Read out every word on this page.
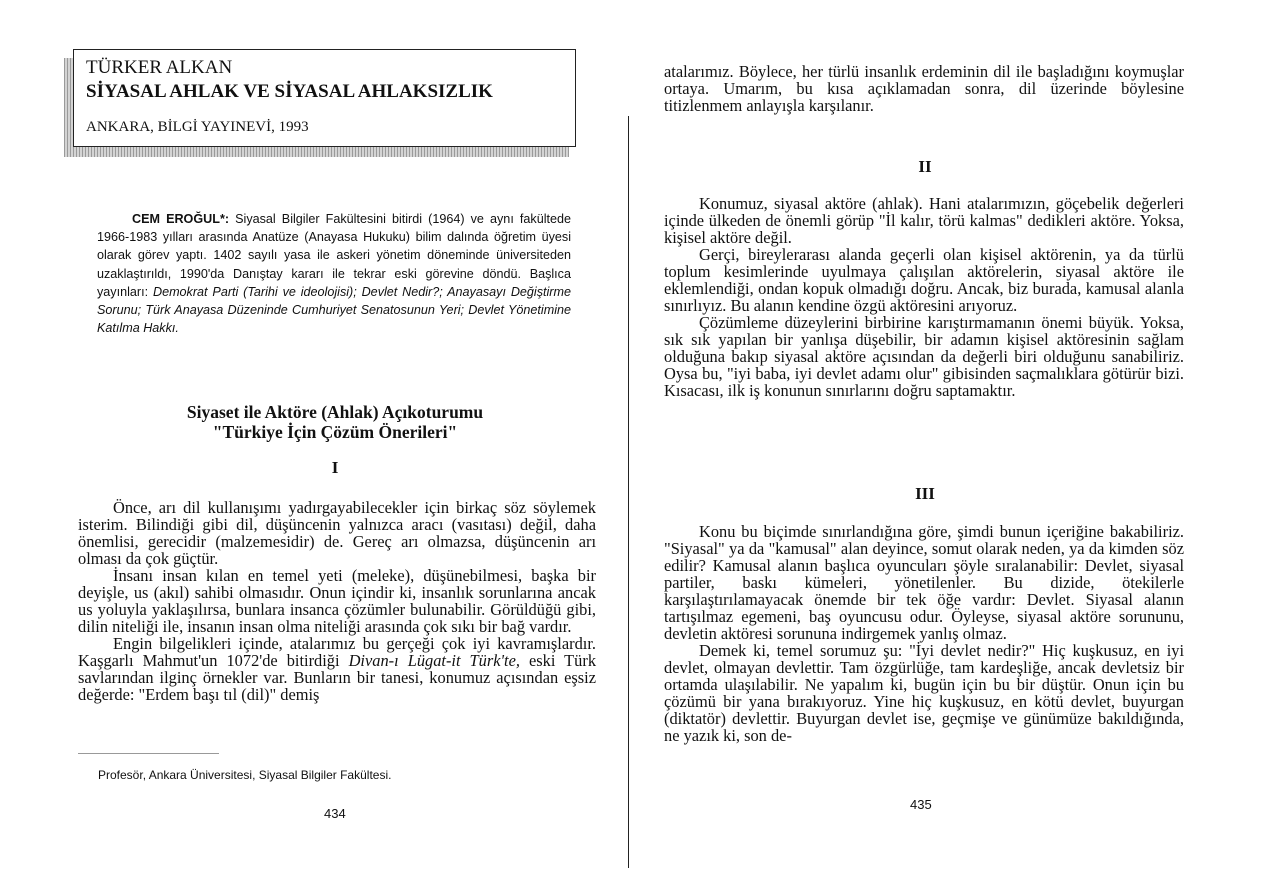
TÜRKER ALKAN
SİYASAL AHLAK VE SİYASAL AHLAKSIZLIK
ANKARA, BİLGİ YAYINEVİ, 1993

CEM EROĞUL*: Siyasal Bilgiler Fakültesini bitirdi (1964) ve aynı fakültede 1966-1983 yılları arasında Anatüze (Anayasa Hukuku) bilim dalında öğretim üyesi olarak görev yaptı. 1402 sayılı yasa ile askeri yönetim döneminde üniversiteden uzaklaştırıldı, 1990'da Danıştay kararı ile tekrar eski görevine döndü. Başlıca yayınları: Demokrat Parti (Tarihi ve ideolojisi); Devlet Nedir?; Anayasayı Değiştirme Sorunu; Türk Anayasa Düzeninde Cumhuriyet Senatosunun Yeri; Devlet Yönetimine Katılma Hakkı.

Siyaset ile Aktöre (Ahlak) Açıkoturumu
"Türkiye İçin Çözüm Önerileri"
I

Önce, arı dil kullanışımı yadırgayabilecekler için birkaç söz söylemek isterim. Bilindiği gibi dil, düşüncenin yalnızca aracı (vasıtası) değil, daha önemlisi, gerecidir (malzemesidir) de. Gereç arı olmazsa, düşüncenin arı olması da çok güçtür.

İnsanı insan kılan en temel yeti (meleke), düşünebilmesi, başka bir deyişle, us (akıl) sahibi olmasıdır. Onun içindir ki, insanlık sorunlarına ancak us yoluyla yaklaşılırsa, bunlara insanca çözümler bulunabilir. Görüldüğü gibi, dilin niteliği ile, insanın insan olma niteliği arasında çok sıkı bir bağ vardır.

Engin bilgelikleri içinde, atalarımız bu gerçeği çok iyi kavramışlardır. Kaşgarlı Mahmut'un 1072'de bitirdiği Divan-ı Lügat-it Türk'te, eski Türk savlarından ilginç örnekler var. Bunların bir tanesi, konumuz açısından eşsiz değerde: "Erdem başı tıl (dil)" demiş

Profesör, Ankara Üniversitesi, Siyasal Bilgiler Fakültesi.
434

atalarımız. Böylece, her türlü insanlık erdeminin dil ile başladığını koymuşlar ortaya. Umarım, bu kısa açıklamadan sonra, dil üzerinde böylesine titizlenmem anlayışla karşılanır.

II

Konumuz, siyasal aktöre (ahlak). Hani atalarımızın, göçebelik değerleri içinde ülkeden de önemli görüp "İl kalır, törü kalmas" dedikleri aktöre. Yoksa, kişisel aktöre değil.

Gerçi, bireylerarası alanda geçerli olan kişisel aktörenin, ya da türlü toplum kesimlerinde uyulmaya çalışılan aktörelerin, siyasal aktöre ile eklemlendiği, ondan kopuk olmadığı doğru. Ancak, biz burada, kamusal alanla sınırlıyız. Bu alanın kendine özgü aktöresini arıyoruz.

Çözümleme düzeylerini birbirine karıştırmamanın önemi büyük. Yoksa, sık sık yapılan bir yanlışa düşebilir, bir adamın kişisel aktöresinin sağlam olduğuna bakıp siyasal aktöre açısından da değerli biri olduğunu sanabiliriz. Oysa bu, "iyi baba, iyi devlet adamı olur" gibisinden saçmalıklara götürür bizi. Kısacası, ilk iş konunun sınırlarını doğru saptamaktır.

III

Konu bu biçimde sınırlandığına göre, şimdi bunun içeriğine bakabiliriz. "Siyasal" ya da "kamusal" alan deyince, somut olarak neden, ya da kimden söz edilir? Kamusal alanın başlıca oyuncuları şöyle sıralanabilir: Devlet, siyasal partiler, baskı kümeleri, yönetilenler. Bu dizide, ötekilerle karşılaştırılamayacak önemde bir tek öğe vardır: Devlet. Siyasal alanın tartışılmaz egemeni, baş oyuncusu odur. Öyleyse, siyasal aktöre sorununu, devletin aktöresi sorununa indirgemek yanlış olmaz.

Demek ki, temel sorumuz şu: "İyi devlet nedir?" Hiç kuşkusuz, en iyi devlet, olmayan devlettir. Tam özgürlüğe, tam kardeşliğe, ancak devletsiz bir ortamda ulaşılabilir. Ne yapalım ki, bugün için bu bir düştür. Onun için bu çözümü bir yana bırakıyoruz. Yine hiç kuşkusuz, en kötü devlet, buyurgan (diktatör) devlettir. Buyurgan devlet ise, geçmişe ve günümüze bakıldığında, ne yazık ki, son de-

435
